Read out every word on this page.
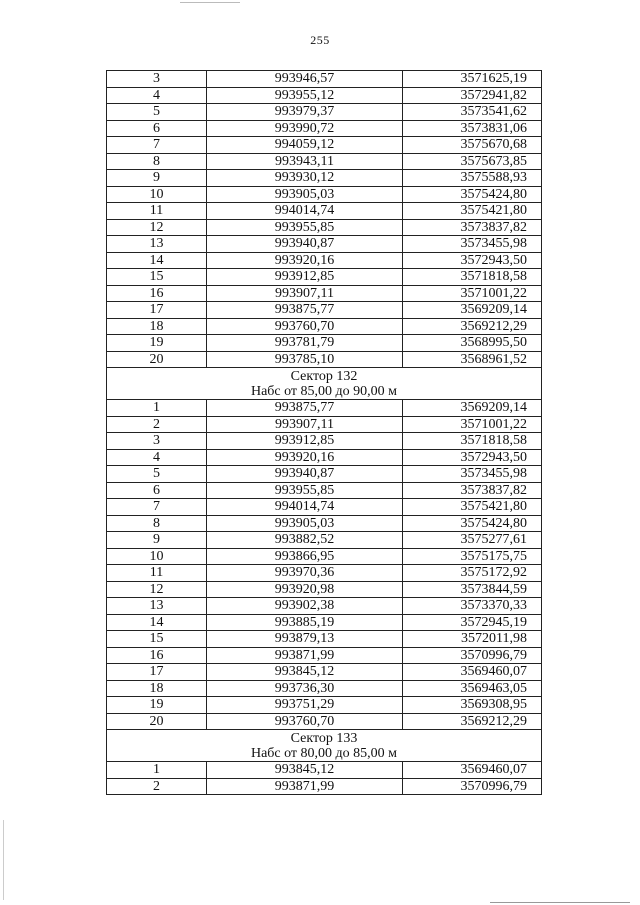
255
3	993946,57	3571625,19
4	993955,12	3572941,82
5	993979,37	3573541,62
6	993990,72	3573831,06
7	994059,12	3575670,68
8	993943,11	3575673,85
9	993930,12	3575588,93
10	993905,03	3575424,80
11	994014,74	3575421,80
12	993955,85	3573837,82
13	993940,87	3573455,98
14	993920,16	3572943,50
15	993912,85	3571818,58
16	993907,11	3571001,22
17	993875,77	3569209,14
18	993760,70	3569212,29
19	993781,79	3568995,50
20	993785,10	3568961,52

Сектор 132
Набс от 85,00 до 90,00 м		

1	993875,77	3569209,14
2	993907,11	3571001,22
3	993912,85	3571818,58
4	993920,16	3572943,50
5	993940,87	3573455,98
6	993955,85	3573837,82
7	994014,74	3575421,80
8	993905,03	3575424,80
9	993882,52	3575277,61
10	993866,95	3575175,75
11	993970,36	3575172,92
12	993920,98	3573844,59
13	993902,38	3573370,33
14	993885,19	3572945,19
15	993879,13	3572011,98
16	993871,99	3570996,79
17	993845,12	3569460,07
18	993736,30	3569463,05
19	993751,29	3569308,95
20	993760,70	3569212,29

Сектор 133
Набс от 80,00 до 85,00 м		

1	993845,12	3569460,07
2	993871,99	3570996,79
